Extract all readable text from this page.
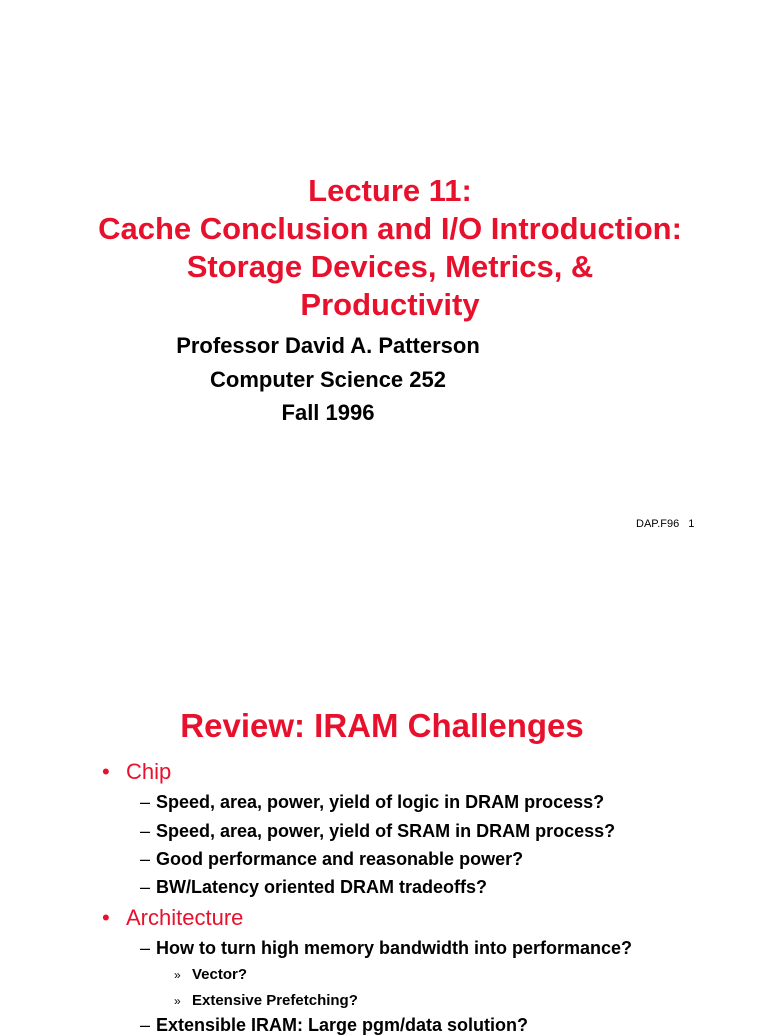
Lecture 11:
Cache Conclusion and I/O Introduction:
Storage Devices, Metrics, &
Productivity
Professor David A. Patterson
Computer Science 252
Fall 1996
DAP.F96 1
Review: IRAM Challenges
• Chip
– Speed, area, power, yield of logic in DRAM process?
– Speed, area, power, yield of SRAM in DRAM process?
– Good performance and reasonable power?
– BW/Latency oriented DRAM tradeoffs?
• Architecture
– How to turn high memory bandwidth into performance?
» Vector?
» Extensive Prefetching?
– Extensible IRAM: Large pgm/data solution?
